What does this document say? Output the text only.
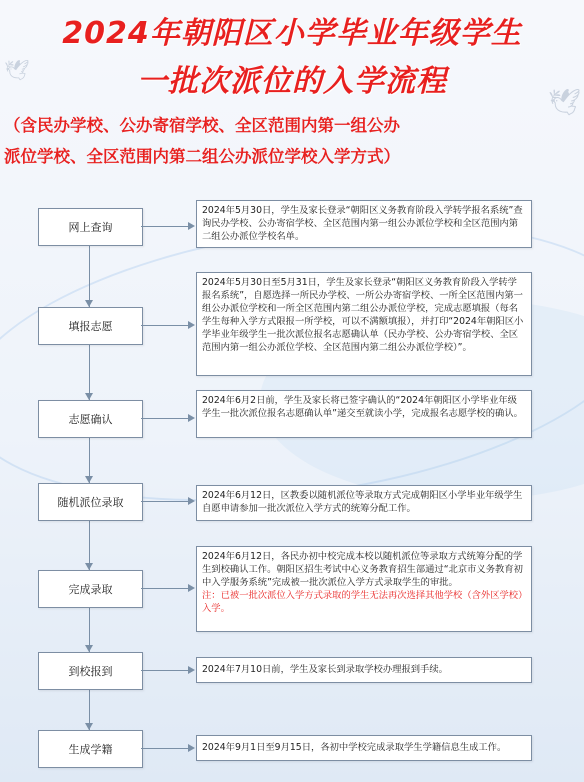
🕊
🕊
2024年朝阳区小学毕业年级学生
一批次派位的入学流程
（含民办学校、公办寄宿学校、全区范围内第一组公办
派位学校、全区范围内第二组公办派位学校入学方式）
网上查询
2024年5月30日，学生及家长登录“朝阳区义务教育阶段入学转学报名系统”查询民办学校、公办寄宿学校、全区范围内第一组公办派位学校和全区范围内第二组公办派位学校名单。
填报志愿
2024年5月30日至5月31日，学生及家长登录“朝阳区义务教育阶段入学转学报名系统”，自愿选择一所民办学校、一所公办寄宿学校、一所全区范围内第一组公办派位学校和一所全区范围内第二组公办派位学校，完成志愿填报（每名学生每种入学方式限报一所学校，可以不满额填报），并打印“2024年朝阳区小学毕业年级学生一批次派位报名志愿确认单（民办学校、公办寄宿学校、全区范围内第一组公办派位学校、全区范围内第二组公办派位学校）”。
志愿确认
2024年6月2日前，学生及家长将已签字确认的“2024年朝阳区小学毕业年级学生一批次派位报名志愿确认单”递交至就读小学，完成报名志愿学校的确认。
随机派位录取
2024年6月12日，区教委以随机派位等录取方式完成朝阳区小学毕业年级学生自愿申请参加一批次派位入学方式的统筹分配工作。
完成录取
2024年6月12日，各民办初中校完成本校以随机派位等录取方式统筹分配的学生到校确认工作。朝阳区招生考试中心义务教育招生部通过“北京市义务教育初中入学服务系统”完成被一批次派位入学方式录取学生的审批。
注：已被一批次派位入学方式录取的学生无法再次选择其他学校（含外区学校）入学。
到校报到	2024年7月10日前，学生及家长到录取学校办理报到手续。
生成学籍	2024年9月1日至9月15日，各初中学校完成录取学生学籍信息生成工作。
